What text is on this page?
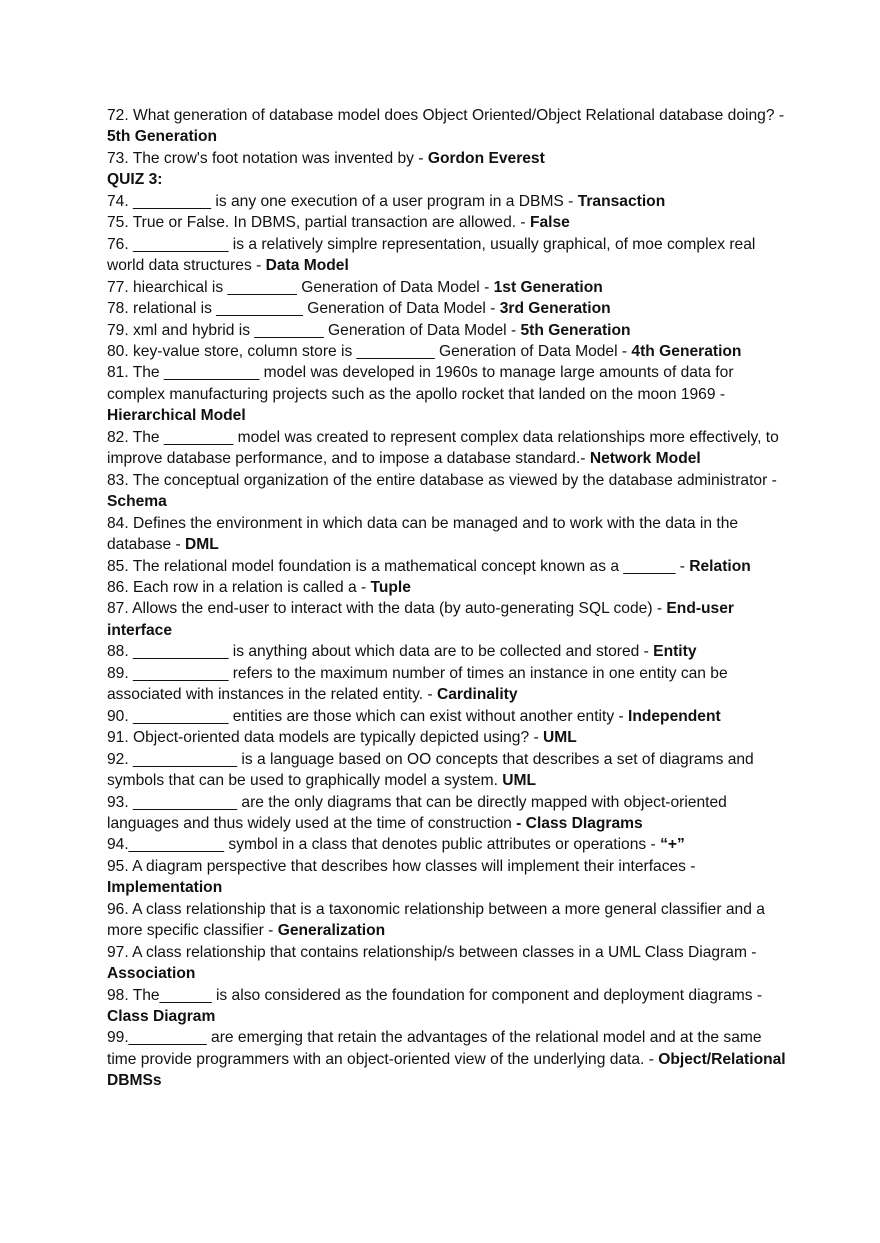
72. What generation of database model does Object Oriented/Object Relational database doing? - 5th Generation
73. The crow's foot notation was invented by - Gordon Everest
QUIZ 3:
74. _________ is any one execution of a user program in a DBMS - Transaction
75. True or False. In DBMS, partial transaction are allowed. - False
76. ___________ is a relatively simplre representation, usually graphical, of moe complex real world data structures - Data Model
77. hiearchical is ________ Generation of Data Model - 1st Generation
78. relational is __________ Generation of Data Model - 3rd Generation
79. xml and hybrid is ________ Generation of Data Model - 5th Generation
80. key-value store, column store is _________ Generation of Data Model - 4th Generation
81. The ___________ model was developed in 1960s to manage large amounts of data for complex manufacturing projects such as the apollo rocket that landed on the moon 1969 - Hierarchical Model
82. The ________ model was created to represent complex data relationships more effectively, to improve database performance, and to impose a database standard.- Network Model
83. The conceptual organization of the entire database as viewed by the database administrator - Schema
84. Defines the environment in which data can be managed and to work with the data in the database - DML
85. The relational model foundation is a mathematical concept known as a ______ - Relation
86. Each row in a relation is called a - Tuple
87. Allows the end-user to interact with the data (by auto-generating SQL code) - End-user interface
88. ___________ is anything about which data are to be collected and stored - Entity
89. ___________ refers to the maximum number of times an instance in one entity can be associated with instances in the related entity. - Cardinality
90. ___________ entities are those which can exist without another entity - Independent
91. Object-oriented data models are typically depicted using? - UML
92. ____________ is a language based on OO concepts that describes a set of diagrams and symbols that can be used to graphically model a system. UML
93. ____________ are the only diagrams that can be directly mapped with object-oriented languages and thus widely used at the time of construction - Class DIagrams
94.___________ symbol in a class that denotes public attributes or operations - “+”
95. A diagram perspective that describes how classes will implement their interfaces - Implementation
96. A class relationship that is a taxonomic relationship between a more general classifier and a more specific classifier - Generalization
97. A class relationship that contains relationship/s between classes in a UML Class Diagram - Association
98. The______ is also considered as the foundation for component and deployment diagrams - Class Diagram
99._________ are emerging that retain the advantages of the relational model and at the same time provide programmers with an object-oriented view of the underlying data. - Object/Relational DBMSs
